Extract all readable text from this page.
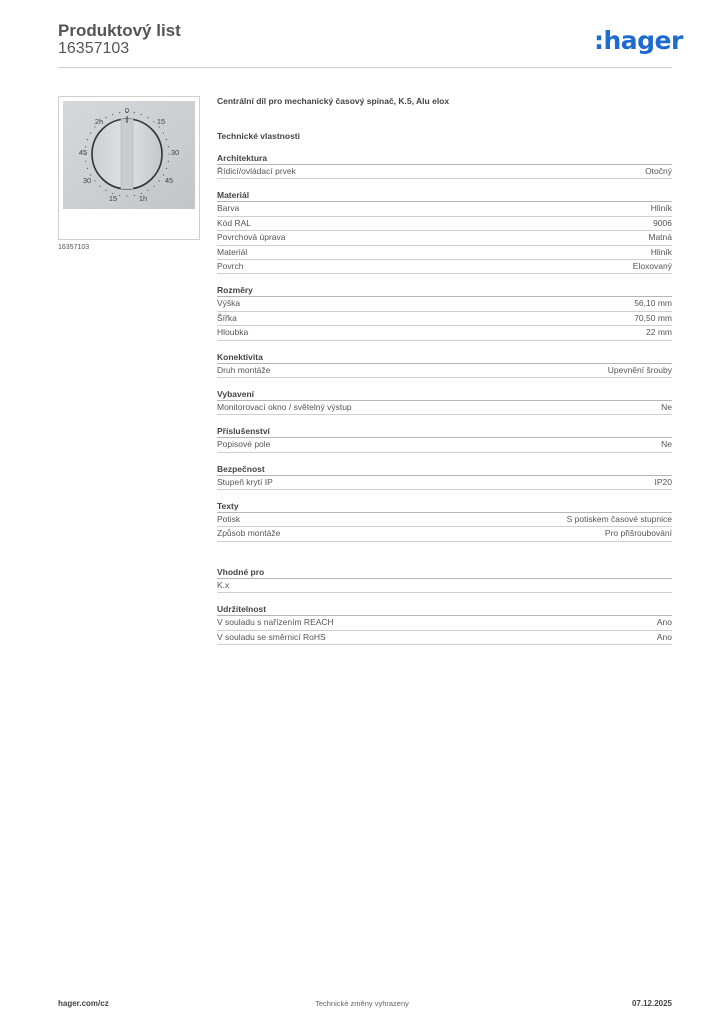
Produktový list
16357103	:hager
0
15
30
45
1h
15
30
45
2h
16357103
Centrální díl pro mechanický časový spínač, K.5, Alu elox
Technické vlastnosti
Architektura
Řídicí/ovládací prvek	Otočný
Materiál
Barva	Hliník
Kód RAL	9006
Povrchová úprava	Matná
Materiál	Hliník
Povrch	Eloxovaný
Rozměry
Výška	56,10 mm
Šířka	70,50 mm
Hloubka	22 mm
Konektivita
Druh montáže	Upevnění šrouby
Vybavení
Monitorovací okno / světelný výstup	Ne
Příslušenství
Popisové pole	Ne
Bezpečnost
Stupeň krytí IP	IP20
Texty
Potisk	S potiskem časové stupnice
Způsob montáže	Pro přišroubování
Vhodné pro
K.x
Udržitelnost
V souladu s nařízením REACH	Ano
V souladu se směrnicí RoHS	Ano
hager.com/cz	Technické změny vyhrazeny	07.12.2025
